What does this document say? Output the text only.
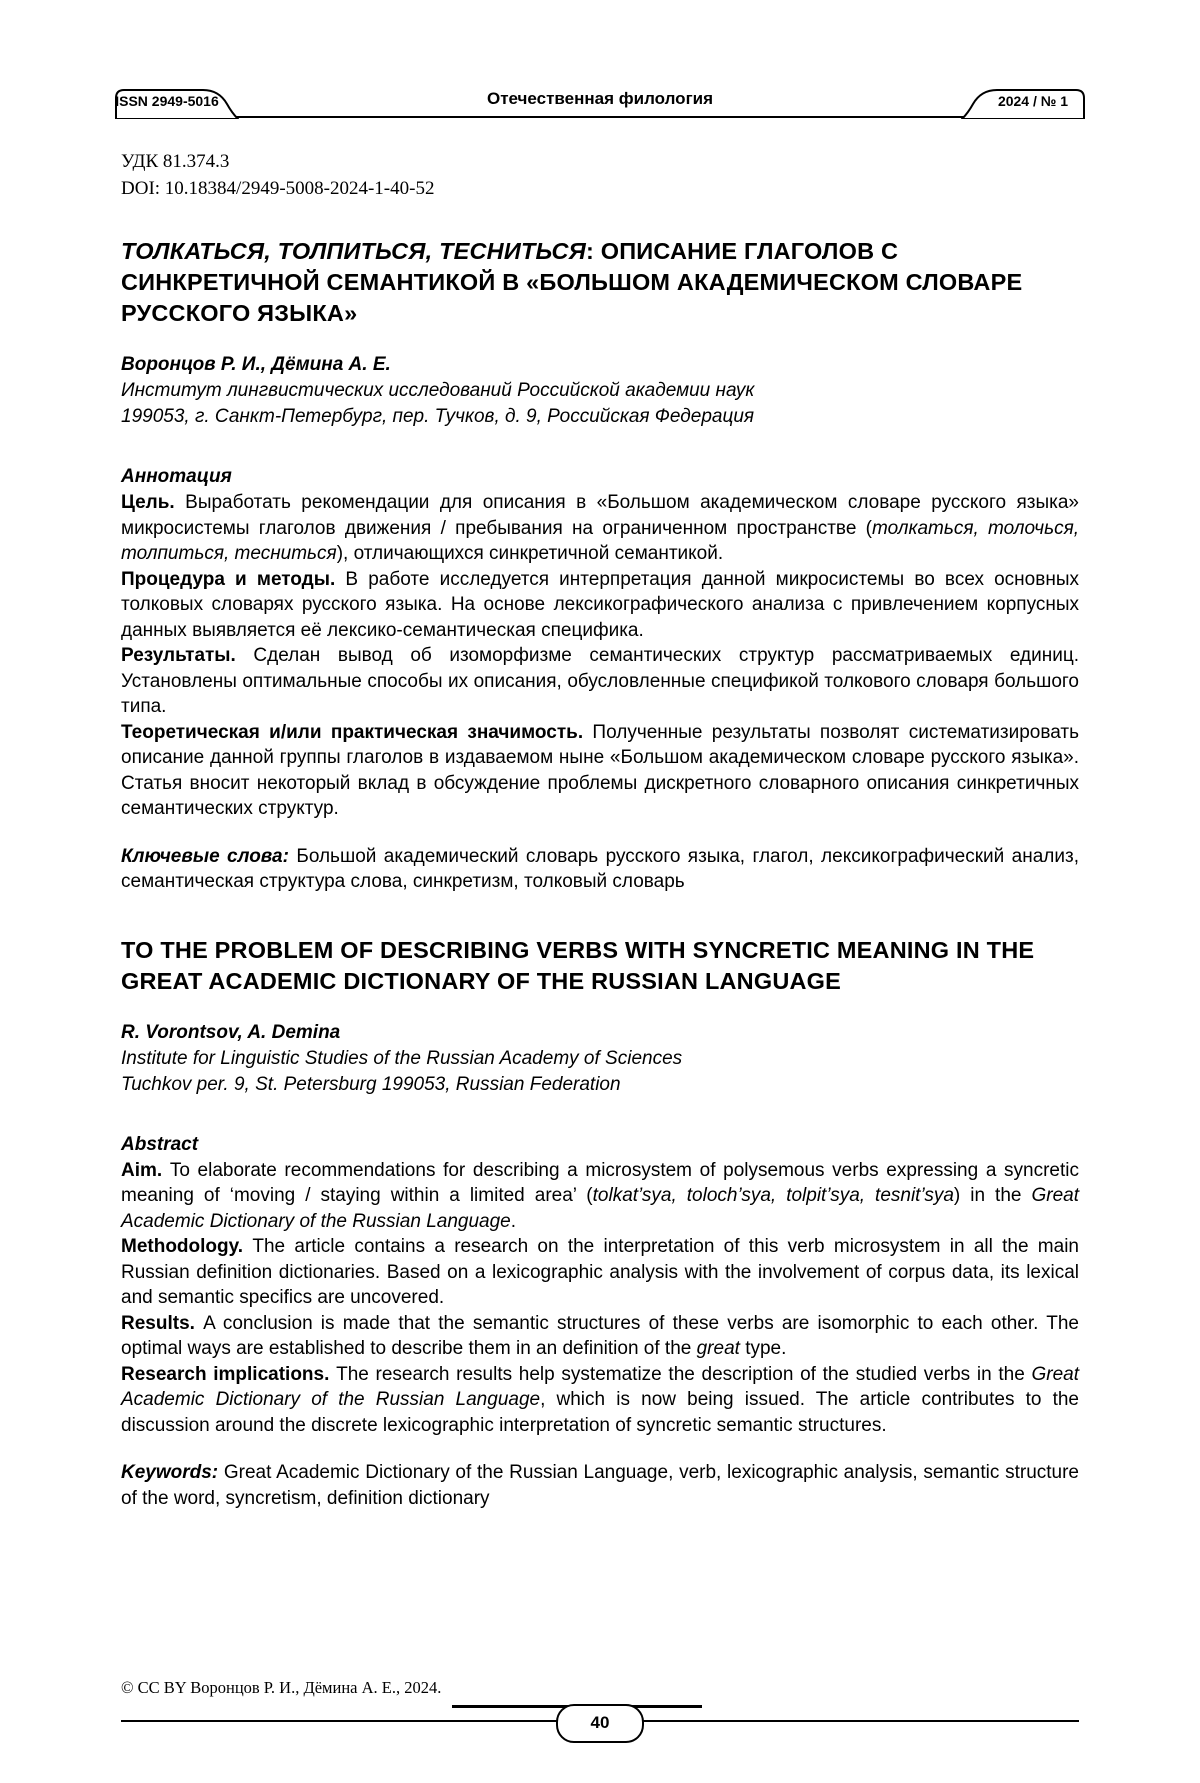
ISSN 2949-5016	Отечественная филология	2024 / № 1
УДК 81.374.3
DOI: 10.18384/2949-5008-2024-1-40-52
ТОЛКАТЬСЯ, ТОЛПИТЬСЯ, ТЕСНИТЬСЯ: ОПИСАНИЕ ГЛАГОЛОВ С СИНКРЕТИЧНОЙ СЕМАНТИКОЙ В «БОЛЬШОМ АКАДЕМИЧЕСКОМ СЛОВАРЕ РУССКОГО ЯЗЫКА»
Воронцов Р. И., Дёмина А. Е.
Институт лингвистических исследований Российской академии наук
199053, г. Санкт-Петербург, пер. Тучков, д. 9, Российская Федерация
Аннотация

Цель. Выработать рекомендации для описания в «Большом академическом словаре русского языка» микросистемы глаголов движения / пребывания на ограниченном пространстве (толкаться, толочься, толпиться, тесниться), отличающихся синкретичной семантикой.

Процедура и методы. В работе исследуется интерпретация данной микросистемы во всех основных толковых словарях русского языка. На основе лексикографического анализа с привлечением корпусных данных выявляется её лексико-семантическая специфика.

Результаты. Сделан вывод об изоморфизме семантических структур рассматриваемых единиц. Установлены оптимальные способы их описания, обусловленные спецификой толкового словаря большого типа.

Теоретическая и/или практическая значимость. Полученные результаты позволят систематизировать описание данной группы глаголов в издаваемом ныне «Большом академическом словаре русского языка». Статья вносит некоторый вклад в обсуждение проблемы дискретного словарного описания синкретичных семантических структур.

Ключевые слова: Большой академический словарь русского языка, глагол, лексикографический анализ, семантическая структура слова, синкретизм, толковый словарь

TO THE PROBLEM OF DESCRIBING VERBS WITH SYNCRETIC MEANING IN THE GREAT ACADEMIC DICTIONARY OF THE RUSSIAN LANGUAGE
R. Vorontsov, A. Demina
Institute for Linguistic Studies of the Russian Academy of Sciences
Tuchkov per. 9, St. Petersburg 199053, Russian Federation
Abstract

Aim. To elaborate recommendations for describing a microsystem of polysemous verbs expressing a syncretic meaning of ‘moving / staying within a limited area’ (tolkat’sya, toloch’sya, tolpit’sya, tesnit’sya) in the Great Academic Dictionary of the Russian Language.

Methodology. The article contains a research on the interpretation of this verb microsystem in all the main Russian definition dictionaries. Based on a lexicographic analysis with the involvement of corpus data, its lexical and semantic specifics are uncovered.

Results. A conclusion is made that the semantic structures of these verbs are isomorphic to each other. The optimal ways are established to describe them in an definition of the great type.

Research implications. The research results help systematize the description of the studied verbs in the Great Academic Dictionary of the Russian Language, which is now being issued. The article contributes to the discussion around the discrete lexicographic interpretation of syncretic semantic structures.

Keywords: Great Academic Dictionary of the Russian Language, verb, lexicographic analysis, semantic structure of the word, syncretism, definition dictionary

© CC BY Воронцов Р. И., Дёмина А. Е., 2024.

40
